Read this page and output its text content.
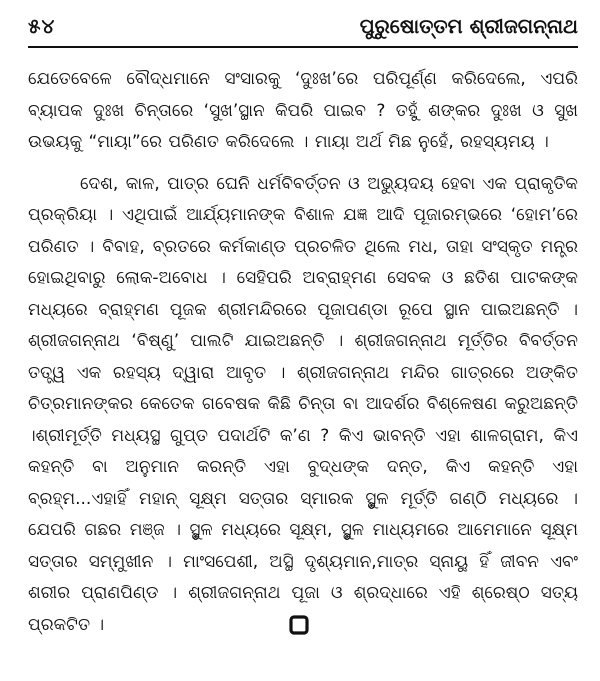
୫୪	ପୁରୁଷୋତ୍ତମ ଶ୍ରୀଜଗନ୍ନାଥ

ଯେତେବେଳେ ବୌଦ୍ଧମାନେ ସଂସାରକୁ ‘ଦୁଃଖ’ରେ ପରିପୂର୍ଣ୍ଣ କରିଦେଲେ, ଏପରି ବ୍ୟାପକ ଦୁଃଖ ଚିନ୍ତାରେ ‘ସୁଖ’ସ୍ଥାନ କିପରି ପାଇବ ? ତହୁଁ ଶଙ୍କର ଦୁଃଖ ଓ ସୁଖ ଉଭୟକୁ “ମାୟା”ରେ ପରିଣତ କରିଦେଲେ । ମାୟା ଅର୍ଥ ମିଛ ନୁହେଁ, ରହସ୍ୟମୟ ।

ଦେଶ, କାଳ, ପାତ୍ର ଘେନି ଧର୍ମବିବର୍ତ୍ତନ ଓ ଅଭ୍ୟୁଦୟ ହେବା ଏକ ପ୍ରାକୃତିକ ପ୍ରକ୍ରିୟା । ଏଥିପାଇଁ ଆର୍ଯ୍ୟମାନଙ୍କ ବିଶାଳ ଯଜ୍ଞ ଆଦି ପୂଜାରମ୍ଭରେ ‘ହୋମ’ରେ ପରିଣତ । ବିବାହ, ବ୍ରତରେ କର୍ମକାଣ୍ଡ ପ୍ରଚଳିତ ଥିଲେ ମଧ, ତାହା ସଂସ୍କୃତ ମନ୍ତ୍ର ହୋଇଥିବାରୁ ଲୋକ-ଅବୋଧ । ସେହିପରି ଅବ୍ରାହ୍ମଣ ସେବକ ଓ ଛତିଶ ପାଟକଙ୍କ ମଧ୍ୟରେ ବ୍ରାହ୍ମଣ ପୂଜକ ଶ୍ରୀମନ୍ଦିରରେ ପୂଜାପଣ୍ଡା ରୂପେ ସ୍ଥାନ ପାଇଅଛନ୍ତି । ଶ୍ରୀଜଗନ୍ନାଥ ‘ବିଷ୍ଣୁ’ ପାଲଟି ଯାଇଅଛନ୍ତି । ଶ୍ରୀଜଗନ୍ନାଥ ମୂର୍ତ୍ତିର ବିବର୍ତ୍ତନ ତତ୍ତ୍ୱ ଏକ ରହସ୍ୟ ଦ୍ୱାରା ଆବୃତ । ଶ୍ରୀଜଗନ୍ନାଥ ମନ୍ଦିର ଗାତ୍ରରେ ଅଙ୍କିତ ଚିତ୍ରମାନଙ୍କର କେତେକ ଗବେଷକ କିଛି ଚିନ୍ତା ବା ଆଦର୍ଶର ବିଶ୍ଳେଷଣ କରୁଅଛନ୍ତି ।ଶ୍ରୀମୂର୍ତ୍ତି ମଧ୍ୟସ୍ଥ ଗୁପ୍ତ ପଦାର୍ଥଟି କ’ଣ ? କିଏ ଭାବନ୍ତି ଏହା ଶାଳଗ୍ରାମ, କିଏ କହନ୍ତି ବା ଅନୁମାନ କରନ୍ତି ଏହା ବୁଦ୍ଧଙ୍କ ଦନ୍ତ, କିଏ କହନ୍ତି ଏହା ବ୍ରହ୍ମ...ଏହାହିଁ ମହାନ୍ ସୂକ୍ଷ୍ମ ସତ୍ତାର ସ୍ମାରକ ସ୍ଥୁଳ ମୂର୍ତ୍ତି ଗଣ୍ଠି ମଧ୍ୟରେ । ଯେପରି ଗଛର ମଞ୍ଜ । ସ୍ଥୁଳ ମଧ୍ୟରେ ସୂକ୍ଷ୍ମ, ସ୍ଥୁଳ ମାଧ୍ୟମରେ ଆମେମାନେ ସୂକ୍ଷ୍ମ ସତ୍ତାର ସମ୍ମୁଖୀନ । ମାଂସପେଶୀ, ଅସ୍ଥି ଦୃଶ୍ୟମାନ,ମାତ୍ର ସ୍ନାୟୁ ହିଁ ଜୀବନ ଏବଂ ଶରୀର ପ୍ରାଣପିଣ୍ଡ । ଶ୍ରୀଜଗନ୍ନାଥ ପୂଜା ଓ ଶ୍ରଦ୍ଧାରେ ଏହି ଶ୍ରେଷ୍ଠ ସତ୍ୟ ପ୍ରକଟିତ ।
